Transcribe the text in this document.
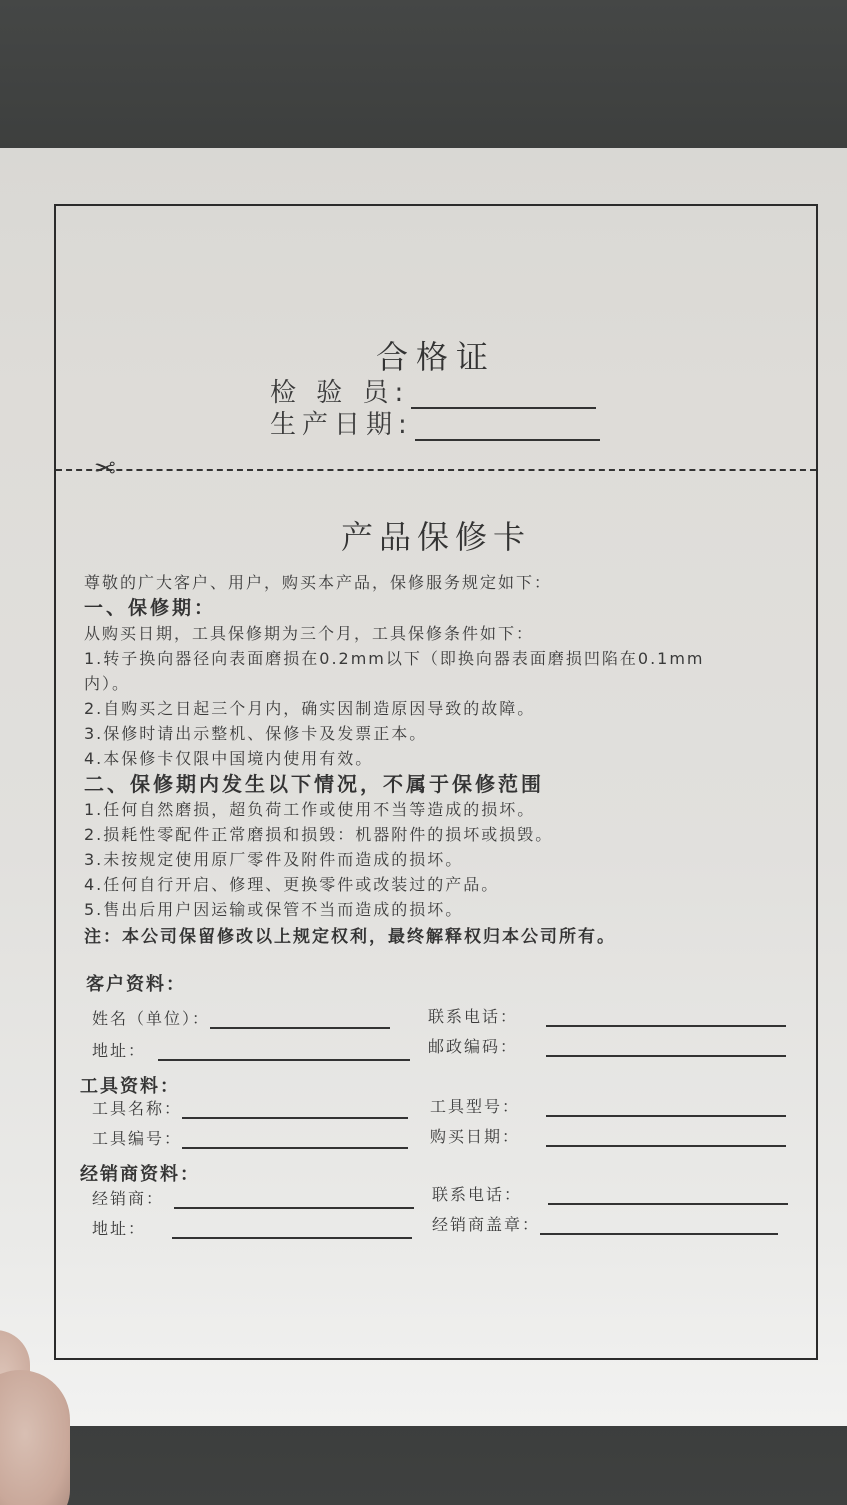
合格证
检 验 员:
生产日期:
✂
产品保修卡
尊敬的广大客户、用户，购买本产品，保修服务规定如下：
一、保修期：
从购买日期，工具保修期为三个月，工具保修条件如下：
1.转子换向器径向表面磨损在0.2mm以下（即换向器表面磨损凹陷在0.1mm
内）。
2.自购买之日起三个月内，确实因制造原因导致的故障。
3.保修时请出示整机、保修卡及发票正本。
4.本保修卡仅限中国境内使用有效。
二、保修期内发生以下情况，不属于保修范围
1.任何自然磨损，超负荷工作或使用不当等造成的损坏。
2.损耗性零配件正常磨损和损毁：机器附件的损坏或损毁。
3.未按规定使用原厂零件及附件而造成的损坏。
4.任何自行开启、修理、更换零件或改装过的产品。
5.售出后用户因运输或保管不当而造成的损坏。
注：本公司保留修改以上规定权利，最终解释权归本公司所有。
客户资料：
姓名（单位）：	联系电话：
地址：	邮政编码：
工具资料：
工具名称：	工具型号：
工具编号：	购买日期：
经销商资料：
经销商：	联系电话：
地址：	经销商盖章：
